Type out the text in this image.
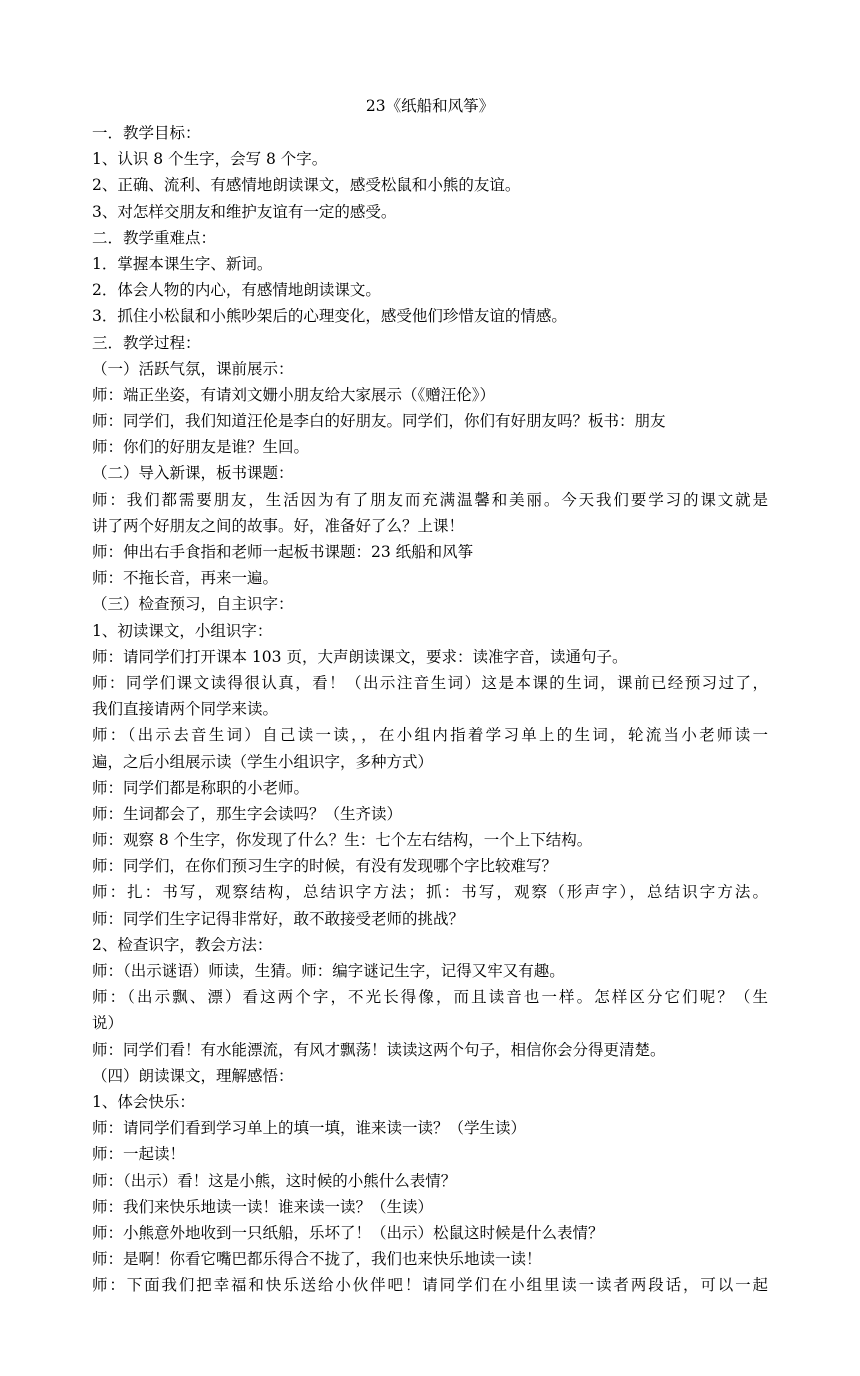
23《纸船和风筝》
一．教学目标：
1、认识 8 个生字，会写 8 个字。
2、正确、流利、有感情地朗读课文，感受松鼠和小熊的友谊。
3、对怎样交朋友和维护友谊有一定的感受。
二．教学重难点：
1．掌握本课生字、新词。
2．体会人物的内心，有感情地朗读课文。
3．抓住小松鼠和小熊吵架后的心理变化，感受他们珍惜友谊的情感。
三．教学过程：
（一）活跃气氛，课前展示：
师：端正坐姿，有请刘文姗小朋友给大家展示（《赠汪伦》）
师：同学们，我们知道汪伦是李白的好朋友。同学们，你们有好朋友吗？板书：朋友
师：你们的好朋友是谁？生回。
（二）导入新课，板书课题：
师：我们都需要朋友，生活因为有了朋友而充满温馨和美丽。今天我们要学习的课文就是
讲了两个好朋友之间的故事。好，准备好了么？上课！
师：伸出右手食指和老师一起板书课题：23 纸船和风筝
师：不拖长音，再来一遍。
（三）检查预习，自主识字：
1、初读课文，小组识字：
师：请同学们打开课本 103 页，大声朗读课文，要求：读准字音，读通句子。
师：同学们课文读得很认真，看！（出示注音生词）这是本课的生词，课前已经预习过了，
我们直接请两个同学来读。
师：（出示去音生词）自己读一读，，在小组内指着学习单上的生词，轮流当小老师读一
遍，之后小组展示读（学生小组识字，多种方式）
师：同学们都是称职的小老师。
师：生词都会了，那生字会读吗？（生齐读）
师：观察 8 个生字，你发现了什么？生：七个左右结构，一个上下结构。
师：同学们，在你们预习生字的时候，有没有发现哪个字比较难写？
师：扎：书写，观察结构，总结识字方法；抓：书写，观察（形声字），总结识字方法。
师：同学们生字记得非常好，敢不敢接受老师的挑战？
2、检查识字，教会方法：
师：（出示谜语）师读，生猜。师：编字谜记生字，记得又牢又有趣。
师：（出示飘、漂）看这两个字，不光长得像，而且读音也一样。怎样区分它们呢？（生
说）
师：同学们看！有水能漂流，有风才飘荡！读读这两个句子，相信你会分得更清楚。
（四）朗读课文，理解感悟：
1、体会快乐：
师：请同学们看到学习单上的填一填，谁来读一读？（学生读）
师：一起读！
师：（出示）看！这是小熊，这时候的小熊什么表情？
师：我们来快乐地读一读！谁来读一读？（生读）
师：小熊意外地收到一只纸船，乐坏了！（出示）松鼠这时候是什么表情？
师：是啊！你看它嘴巴都乐得合不拢了，我们也来快乐地读一读！
师：下面我们把幸福和快乐送给小伙伴吧！请同学们在小组里读一读者两段话，可以一起
